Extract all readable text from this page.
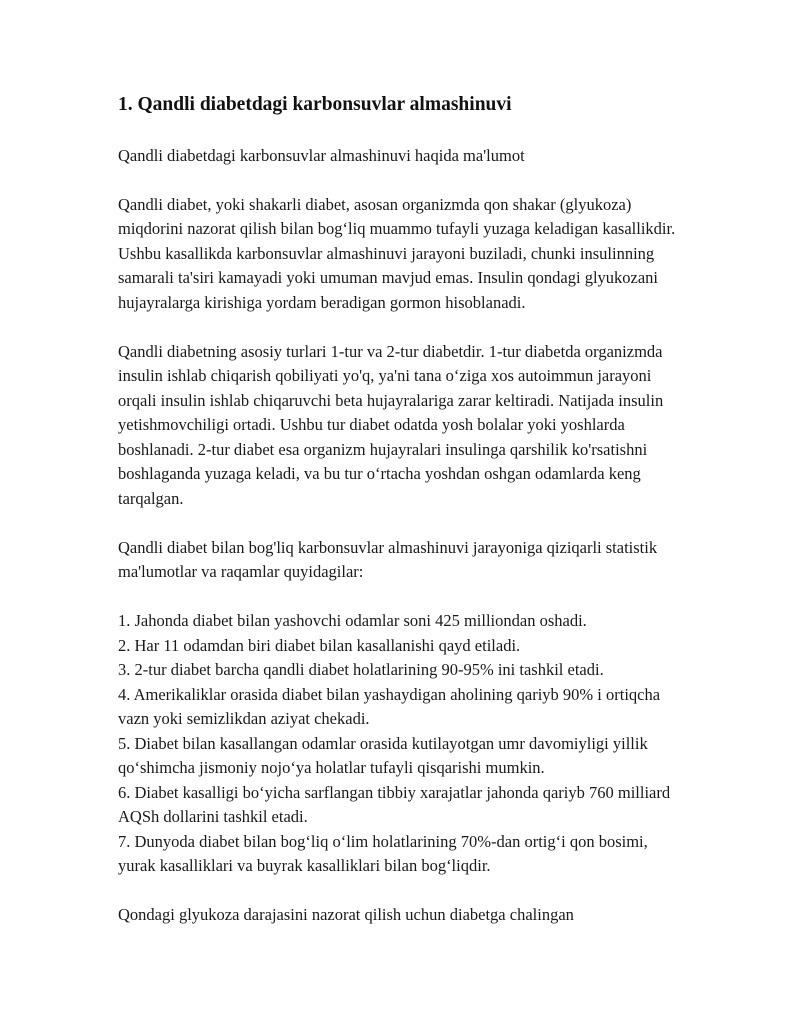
1. Qandli diabetdagi karbonsuvlar almashinuvi

Qandli diabetdagi karbonsuvlar almashinuvi haqida ma'lumot

Qandli diabet, yoki shakarli diabet, asosan organizmda qon shakar (glyukoza) miqdorini nazorat qilish bilan bog‘liq muammo tufayli yuzaga keladigan kasallikdir. Ushbu kasallikda karbonsuvlar almashinuvi jarayoni buziladi, chunki insulinning samarali ta'siri kamayadi yoki umuman mavjud emas. Insulin qondagi glyukozani hujayralarga kirishiga yordam beradigan gormon hisoblanadi.

Qandli diabetning asosiy turlari 1-tur va 2-tur diabetdir. 1-tur diabetda organizmda insulin ishlab chiqarish qobiliyati yo'q, ya'ni tana o‘ziga xos autoimmun jarayoni orqali insulin ishlab chiqaruvchi beta hujayralariga zarar keltiradi. Natijada insulin yetishmovchiligi ortadi. Ushbu tur diabet odatda yosh bolalar yoki yoshlarda boshlanadi. 2-tur diabet esa organizm hujayralari insulinga qarshilik ko'rsatishni boshlaganda yuzaga keladi, va bu tur o‘rtacha yoshdan oshgan odamlarda keng tarqalgan.

Qandli diabet bilan bog'liq karbonsuvlar almashinuvi jarayoniga qiziqarli statistik ma'lumotlar va raqamlar quyidagilar:

1. Jahonda diabet bilan yashovchi odamlar soni 425 milliondan oshadi.
2. Har 11 odamdan biri diabet bilan kasallanishi qayd etiladi.
3. 2-tur diabet barcha qandli diabet holatlarining 90-95% ini tashkil etadi.
4. Amerikaliklar orasida diabet bilan yashaydigan aholining qariyb 90% i ortiqcha vazn yoki semizlikdan aziyat chekadi.
5. Diabet bilan kasallangan odamlar orasida kutilayotgan umr davomiyligi yillik qo‘shimcha jismoniy nojo‘ya holatlar tufayli qisqarishi mumkin.
6. Diabet kasalligi bo‘yicha sarflangan tibbiy xarajatlar jahonda qariyb 760 milliard AQSh dollarini tashkil etadi.
7. Dunyoda diabet bilan bog‘liq o‘lim holatlarining 70%-dan ortig‘i qon bosimi, yurak kasalliklari va buyrak kasalliklari bilan bog‘liqdir.

Qondagi glyukoza darajasini nazorat qilish uchun diabetga chalingan
